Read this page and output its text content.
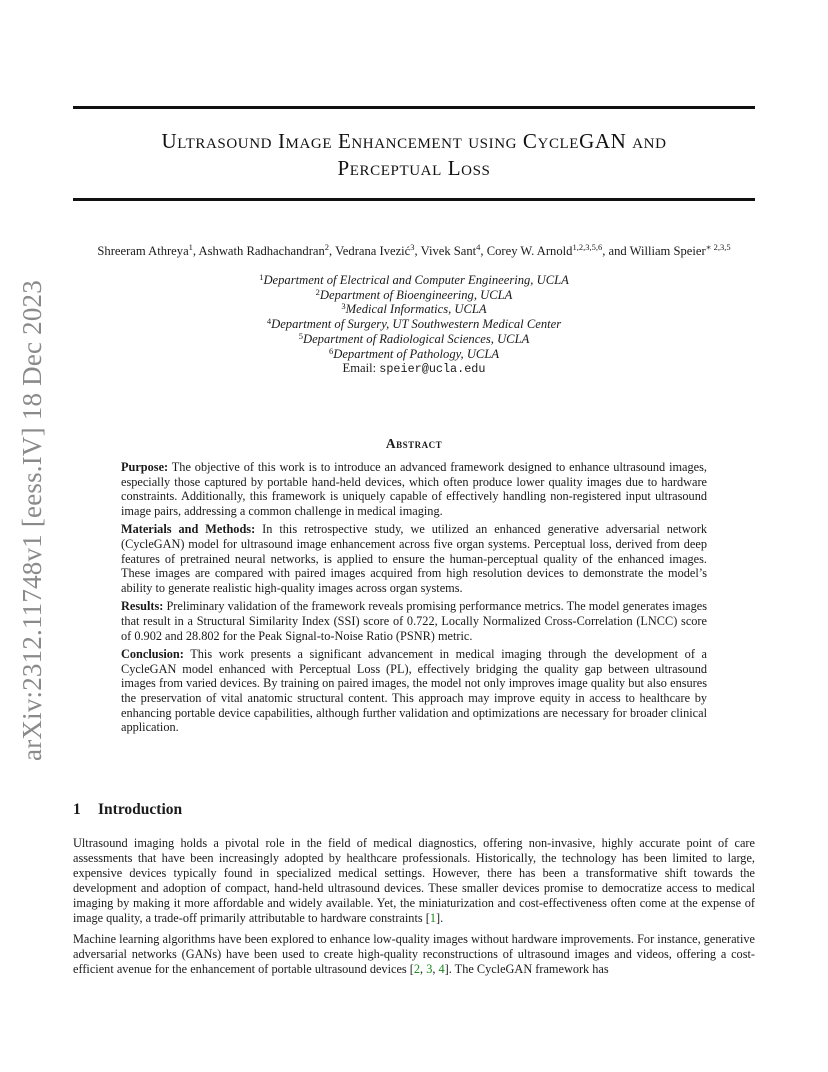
arXiv:2312.11748v1 [eess.IV] 18 Dec 2023
Ultrasound Image Enhancement using CycleGAN and
Perceptual Loss
Shreeram Athreya$^1$, Ashwath Radhachandran$^2$, Vedrana Ivezić$^3$, Vivek Sant$^4$, Corey W. Arnold$^{1,2,3,5,6}$, and William Speier$^{∗ 2,3,5}$
$^1$Department of Electrical and Computer Engineering, UCLA
$^2$Department of Bioengineering, UCLA
$^3$Medical Informatics, UCLA
$^4$Department of Surgery, UT Southwestern Medical Center
$^5$Department of Radiological Sciences, UCLA
$^6$Department of Pathology, UCLA
Email: speier@ucla.edu
Abstract

Purpose: The objective of this work is to introduce an advanced framework designed to enhance ultrasound images, especially those captured by portable hand-held devices, which often produce lower quality images due to hardware constraints. Additionally, this framework is uniquely capable of effectively handling non-registered input ultrasound image pairs, addressing a common challenge in medical imaging.

Materials and Methods: In this retrospective study, we utilized an enhanced generative adversarial network (CycleGAN) model for ultrasound image enhancement across five organ systems. Perceptual loss, derived from deep features of pretrained neural networks, is applied to ensure the human-perceptual quality of the enhanced images. These images are compared with paired images acquired from high resolution devices to demonstrate the model’s ability to generate realistic high-quality images across organ systems.

Results: Preliminary validation of the framework reveals promising performance metrics. The model generates images that result in a Structural Similarity Index (SSI) score of 0.722, Locally Normalized Cross-Correlation (LNCC) score of 0.902 and 28.802 for the Peak Signal-to-Noise Ratio (PSNR) metric.

Conclusion: This work presents a significant advancement in medical imaging through the development of a CycleGAN model enhanced with Perceptual Loss (PL), effectively bridging the quality gap between ultrasound images from varied devices. By training on paired images, the model not only improves image quality but also ensures the preservation of vital anatomic structural content. This approach may improve equity in access to healthcare by enhancing portable device capabilities, although further validation and optimizations are necessary for broader clinical application.

1 Introduction

Ultrasound imaging holds a pivotal role in the field of medical diagnostics, offering non-invasive, highly accurate point of care assessments that have been increasingly adopted by healthcare professionals. Historically, the technology has been limited to large, expensive devices typically found in specialized medical settings. However, there has been a transformative shift towards the development and adoption of compact, hand-held ultrasound devices. These smaller devices promise to democratize access to medical imaging by making it more affordable and widely available. Yet, the miniaturization and cost-effectiveness often come at the expense of image quality, a trade-off primarily attributable to hardware constraints [1].

Machine learning algorithms have been explored to enhance low-quality images without hardware improvements. For instance, generative adversarial networks (GANs) have been used to create high-quality reconstructions of ultrasound images and videos, offering a cost-efficient avenue for the enhancement of portable ultrasound devices [2, 3, 4]. The CycleGAN framework has
